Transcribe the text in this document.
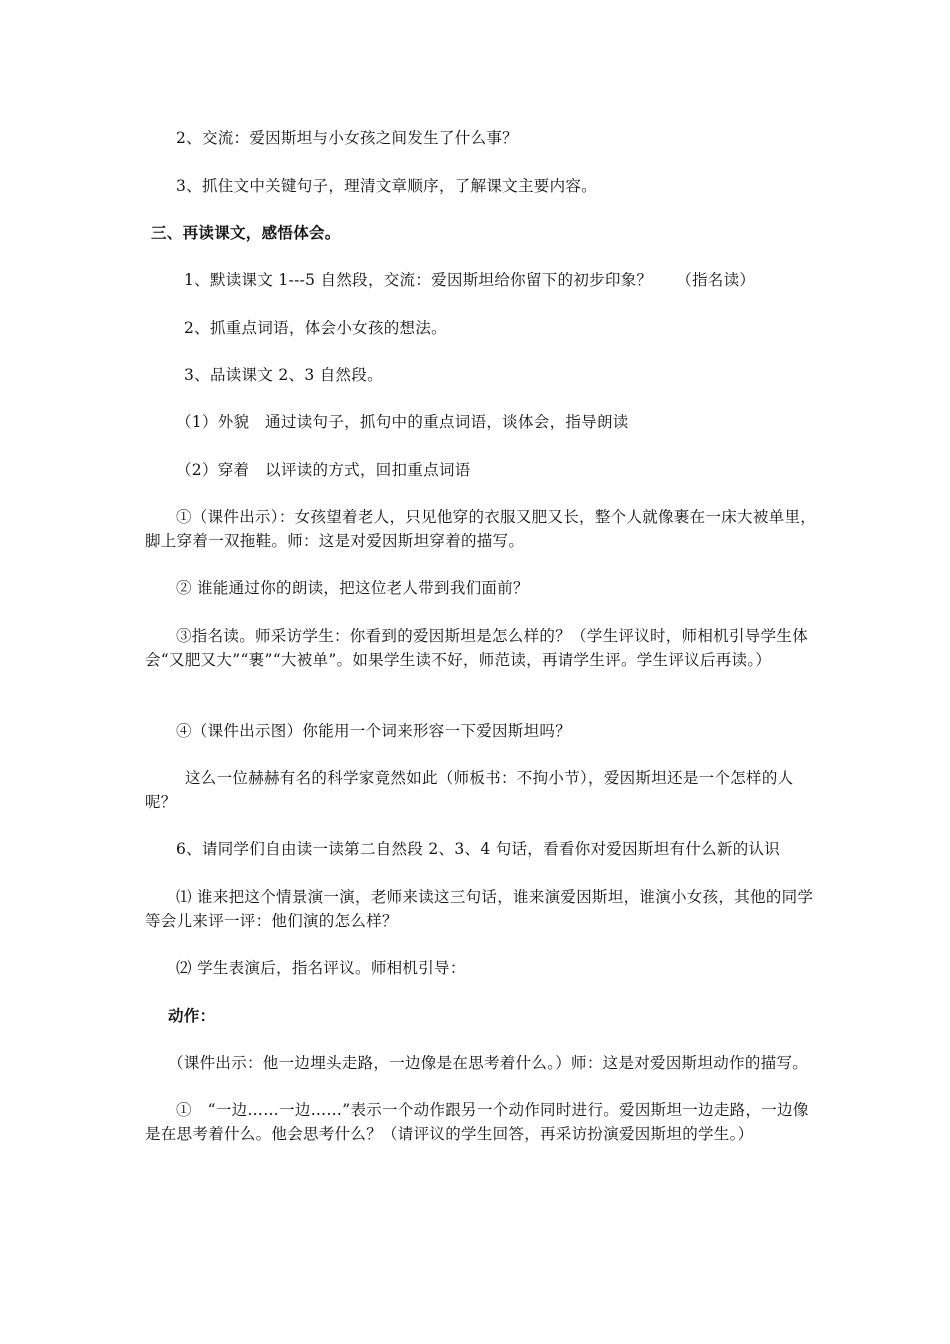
2、交流：爱因斯坦与小女孩之间发生了什么事？

3、抓住文中关键句子，理清文章顺序，了解课文主要内容。

三、再读课文，感悟体会。

1、默读课文 1---5 自然段，交流：爱因斯坦给你留下的初步印象？　　（指名读）

2、抓重点词语，体会小女孩的想法。

3、品读课文 2、3 自然段。

（1）外貌　通过读句子，抓句中的重点词语，谈体会，指导朗读

（2）穿着　以评读的方式，回扣重点词语

①（课件出示）：女孩望着老人，只见他穿的衣服又肥又长，整个人就像裹在一床大被单里，脚上穿着一双拖鞋。师：这是对爱因斯坦穿着的描写。

② 谁能通过你的朗读，把这位老人带到我们面前？

③指名读。师采访学生：你看到的爱因斯坦是怎么样的？（学生评议时，师相机引导学生体会“又肥又大”“裹”“大被单”。如果学生读不好，师范读，再请学生评。学生评议后再读。）

④（课件出示图）你能用一个词来形容一下爱因斯坦吗？

这么一位赫赫有名的科学家竟然如此（师板书：不拘小节），爱因斯坦还是一个怎样的人呢？

6、请同学们自由读一读第二自然段 2、3、4 句话，看看你对爱因斯坦有什么新的认识

⑴ 谁来把这个情景演一演，老师来读这三句话，谁来演爱因斯坦，谁演小女孩，其他的同学等会儿来评一评：他们演的怎么样？

⑵ 学生表演后，指名评议。师相机引导：

动作：

（课件出示：他一边埋头走路，一边像是在思考着什么。）师：这是对爱因斯坦动作的描写。

①　“一边……一边……”表示一个动作跟另一个动作同时进行。爱因斯坦一边走路，一边像是在思考着什么。他会思考什么？（请评议的学生回答，再采访扮演爱因斯坦的学生。）
